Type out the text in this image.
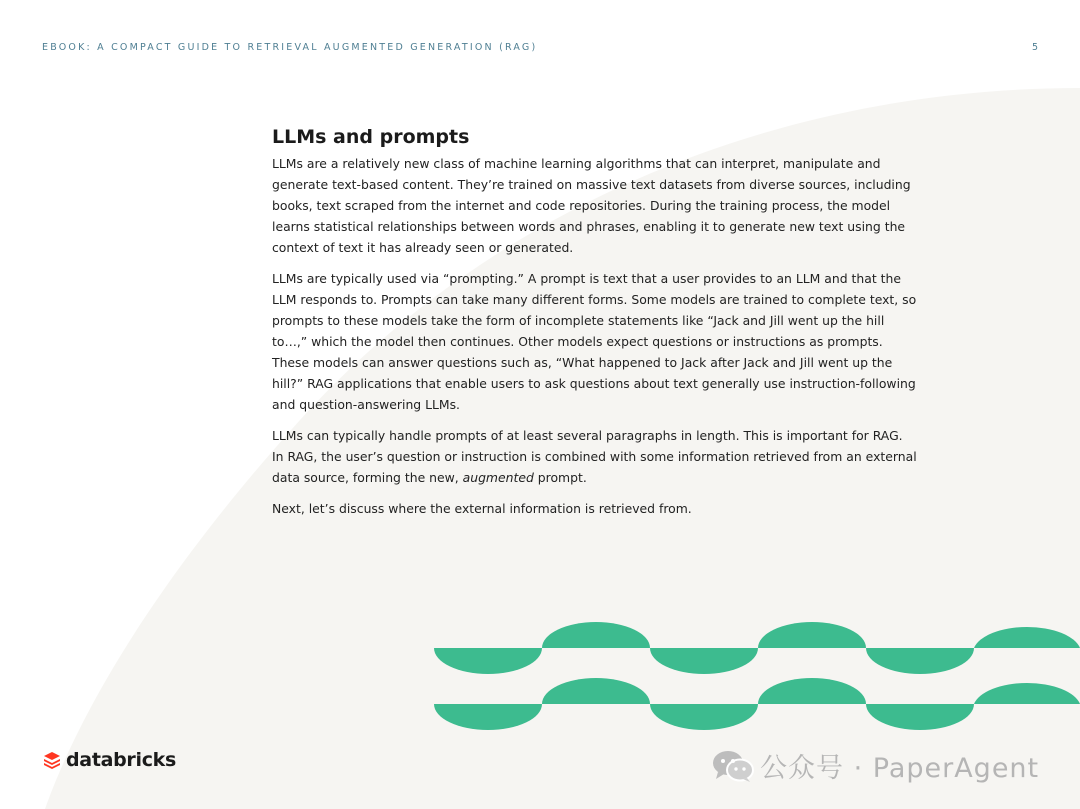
EBOOK: A COMPACT GUIDE TO RETRIEVAL AUGMENTED GENERATION (RAG)	5
LLMs and prompts

LLMs are a relatively new class of machine learning algorithms that can interpret, manipulate and generate text-based content. They’re trained on massive text datasets from diverse sources, including books, text scraped from the internet and code repositories. During the training process, the model learns statistical relationships between words and phrases, enabling it to generate new text using the context of text it has already seen or generated.

LLMs are typically used via “prompting.” A prompt is text that a user provides to an LLM and that the LLM responds to. Prompts can take many different forms. Some models are trained to complete text, so prompts to these models take the form of incomplete statements like “Jack and Jill went up the hill to…,” which the model then continues. Other models expect questions or instructions as prompts. These models can answer questions such as, “What happened to Jack after Jack and Jill went up the hill?” RAG applications that enable users to ask questions about text generally use instruction-following and question-answering LLMs.

LLMs can typically handle prompts of at least several paragraphs in length. This is important for RAG. In RAG, the user’s question or instruction is combined with some information retrieved from an external data source, forming the new, augmented prompt.

Next, let’s discuss where the external information is retrieved from.

databricks	公众号 · PaperAgent
